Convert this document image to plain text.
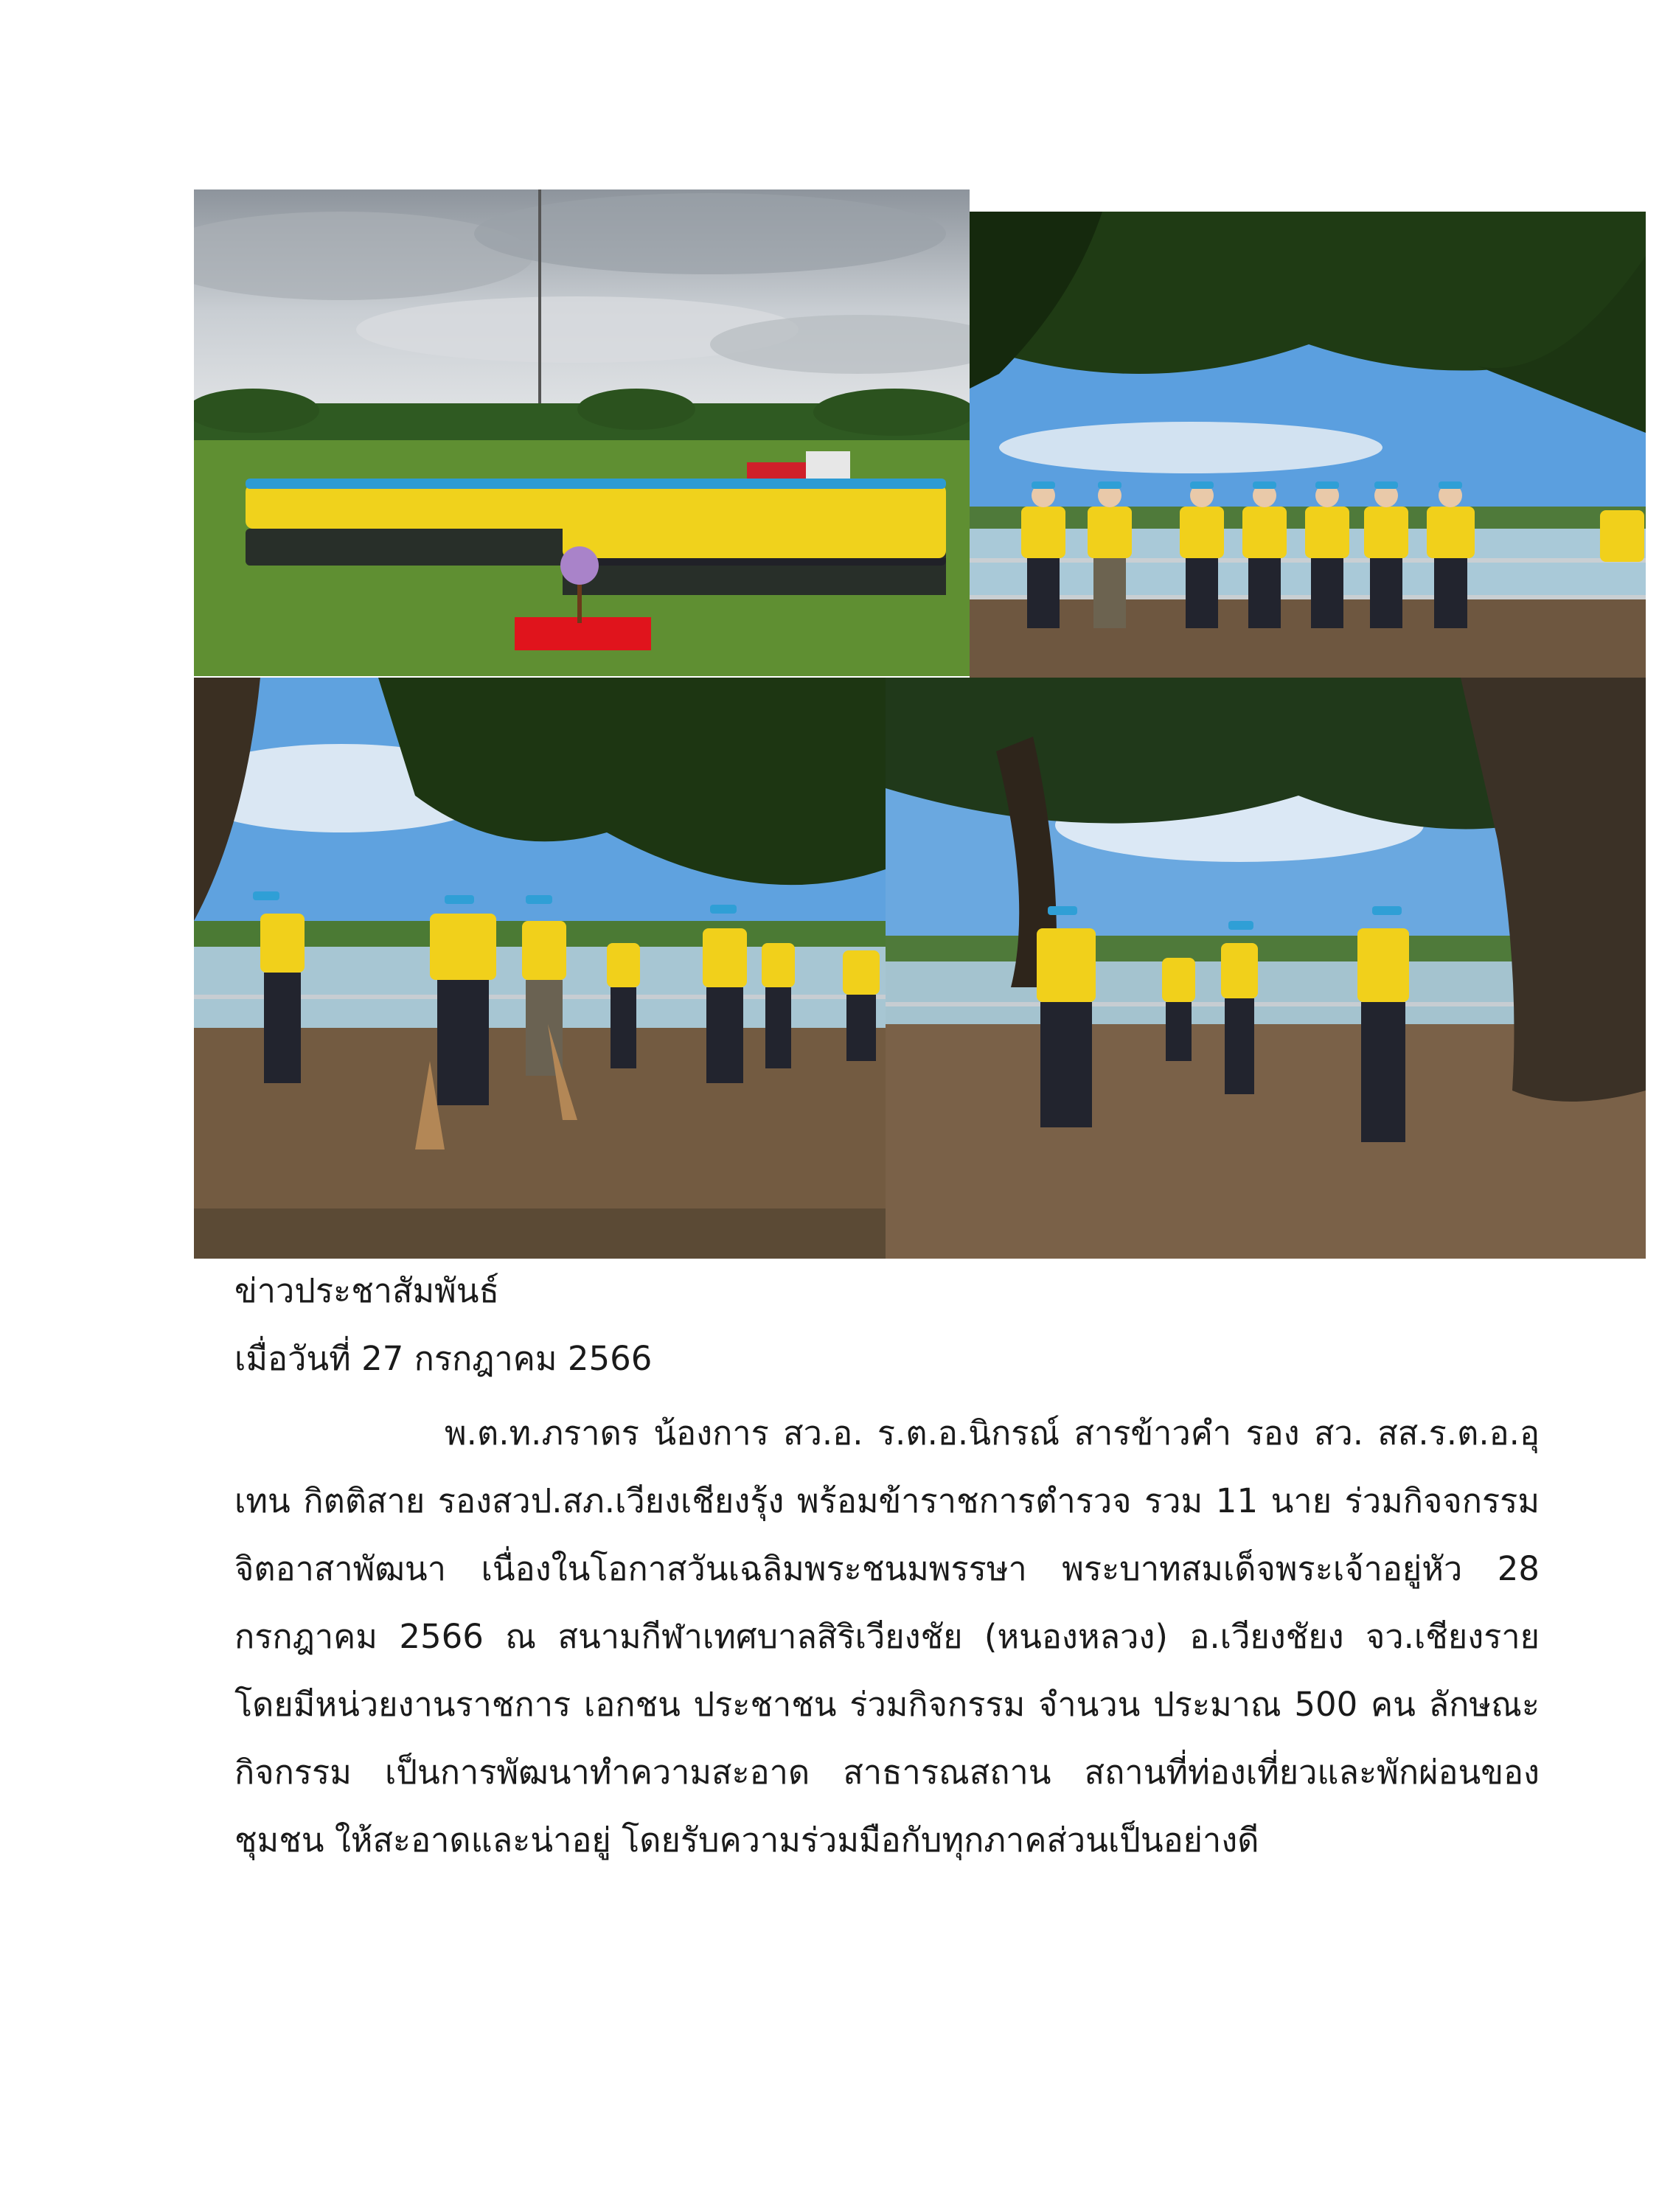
ข่าวประชาสัมพันธ์
เมื่อวันที่ 27 กรกฎาคม 2566

พ.ต.ท.ภราดร น้องการ สว.อ. ร.ต.อ.นิกรณ์ สารข้าวคำ รอง สว. สส.ร.ต.อ.อุเทน กิตติสาย รองสวป.สภ.เวียงเชียงรุ้ง พร้อมข้าราชการตำรวจ รวม 11 นาย ร่วมกิจจกรรมจิตอาสาพัฒนา เนื่องในโอกาสวันเฉลิมพระชนมพรรษา พระบาทสมเด็จพระเจ้าอยู่หัว 28 กรกฎาคม 2566 ณ สนามกีฬาเทศบาลสิริเวียงชัย (หนองหลวง) อ.เวียงชัยง จว.เชียงราย โดยมีหน่วยงานราชการ เอกชน ประชาชน ร่วมกิจกรรม จำนวน ประมาณ 500 คน ลักษณะกิจกรรม เป็นการพัฒนาทำความสะอาด สาธารณสถาน สถานที่ท่องเที่ยวและพักผ่อนของชุมชน ให้สะอาดและน่าอยู่ โดยรับความร่วมมือกับทุกภาคส่วนเป็นอย่างดี
